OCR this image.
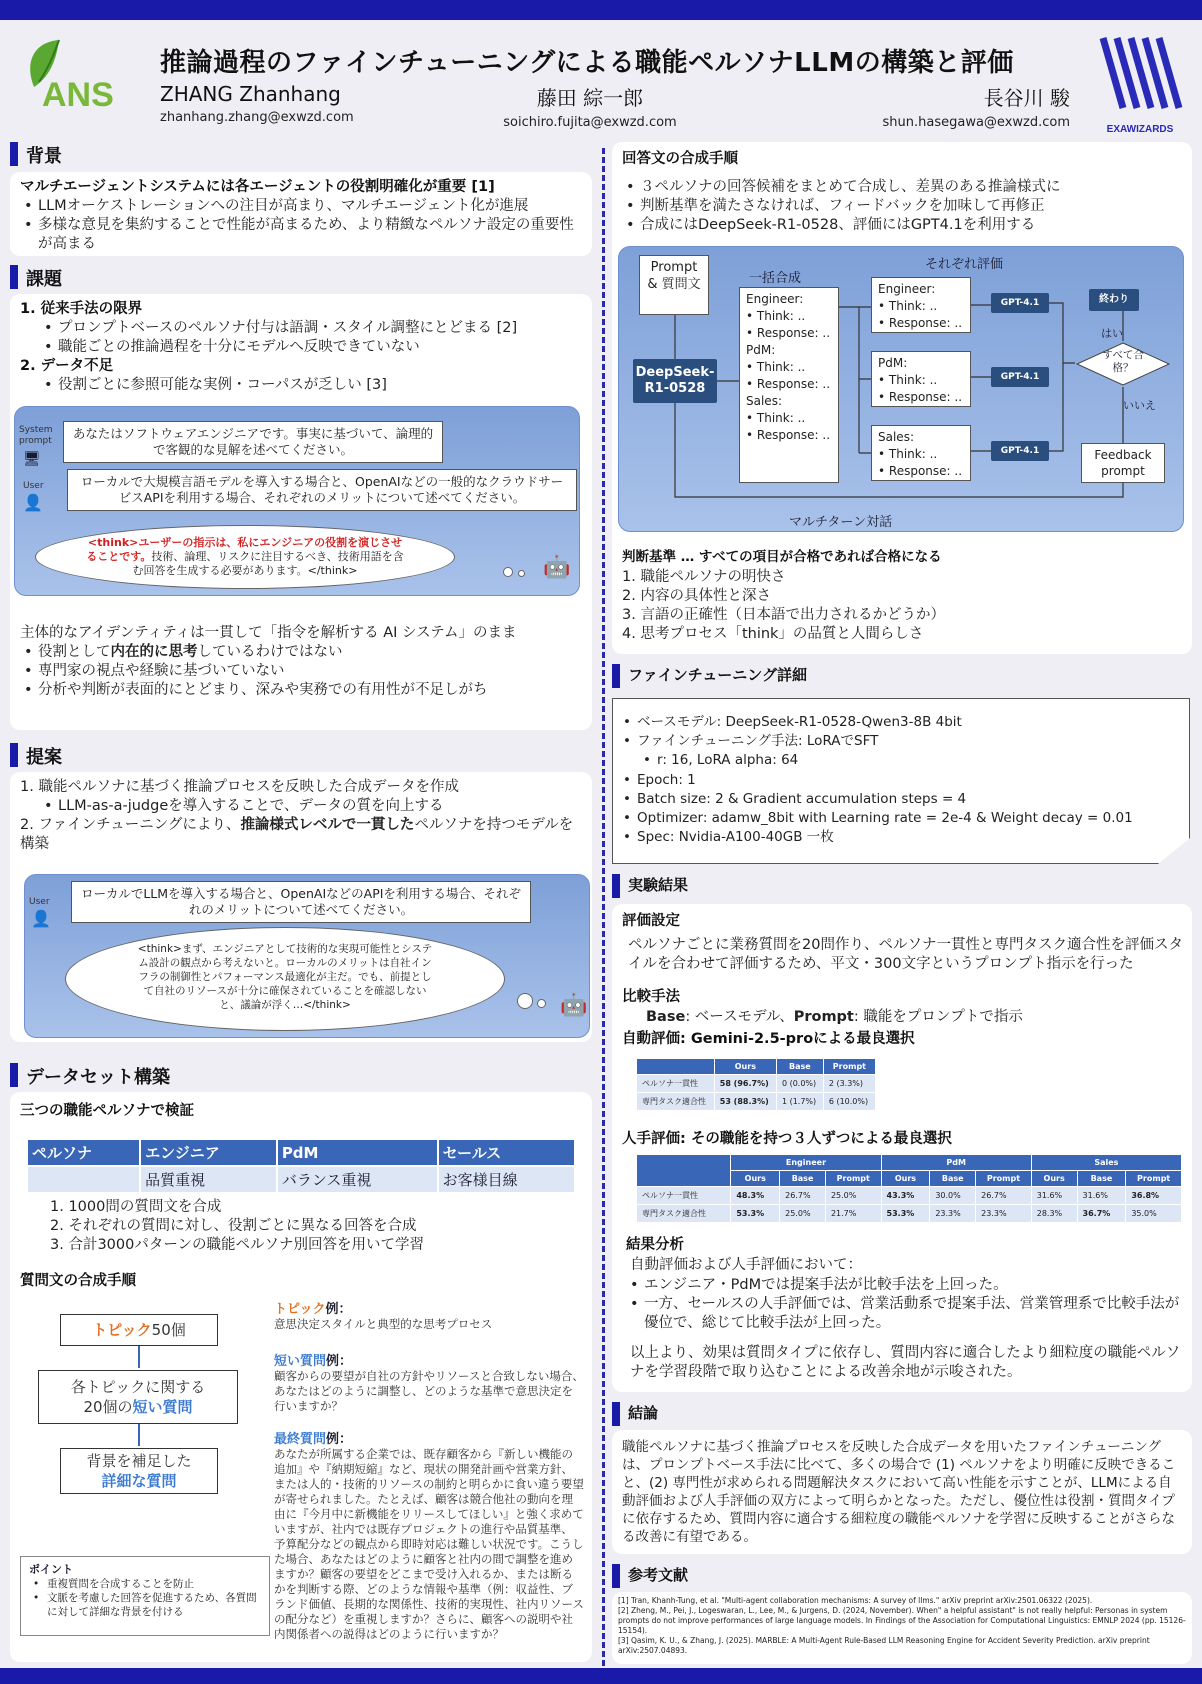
ANS
推論過程のファインチューニングによる職能ペルソナLLMの構築と評価
ZHANG Zhanhang
zhanhang.zhang@exwzd.com
藤田 綜一郎
soichiro.fujita@exwzd.com
長谷川 駿
shun.hasegawa@exwzd.com	EXAWIZARDS
背景
マルチエージェントシステムには各エージェントの役割明確化が重要 [1]
• LLMオーケストレーションへの注目が高まり、マルチエージェント化が進展
• 多様な意見を集約することで性能が高まるため、より精緻なペルソナ設定の重要性が高まる
課題
1. 従来手法の限界
• プロンプトベースのペルソナ付与は語調・スタイル調整にとどまる [2]
• 職能ごとの推論過程を十分にモデルへ反映できていない
2. データ不足
• 役割ごとに参照可能な実例・コーパスが乏しい [3]
System prompt
🖥
あなたはソフトウェアエンジニアです。事実に基づいて、論理的で客観的な見解を述べてください。
User
👤
ローカルで大規模言語モデルを導入する場合と、OpenAIなどの一般的なクラウドサービスAPIを利用する場合、それぞれのメリットについて述べてください。
<think>ユーザーの指示は、私にエンジニアの役割を演じさせることです。技術、論理、リスクに注目するべき、技術用語を含む回答を生成する必要があります。</think>	🤖
主体的なアイデンティティは一貫して「指令を解析する AI システム」のまま
• 役割として内在的に思考しているわけではない
• 専門家の視点や経験に基づいていない
• 分析や判断が表面的にとどまり、深みや実務での有用性が不足しがち
提案
1. 職能ペルソナに基づく推論プロセスを反映した合成データを作成
• LLM-as-a-judgeを導入することで、データの質を向上する
2. ファインチューニングにより、推論様式レベルで一貫したペルソナを持つモデルを構築
User
👤
ローカルでLLMを導入する場合と、OpenAIなどのAPIを利用する場合、それぞれのメリットについて述べてください。
<think>まず、エンジニアとして技術的な実現可能性とシステム設計の観点から考えないと。ローカルのメリットは自社インフラの制御性とパフォーマンス最適化が主だ。でも、前提として自社のリソースが十分に確保されていることを確認しないと、議論が浮く…</think>	🤖
データセット構築
三つの職能ペルソナで検証
ペルソナ	エンジニア	PdM	セールス
	品質重視	バランス重視	お客様目線
1. 1000問の質問文を合成
2. それぞれの質問に対し、役割ごとに異なる回答を合成
3. 合計3000パターンの職能ペルソナ別回答を用いて学習
質問文の合成手順
トピック50個
各トピックに関する
20個の短い質問
背景を補足した
詳細な質問
ポイント
• 重複質問を合成することを防止
• 文脈を考慮した回答を促進するため、各質問に対して詳細な背景を付ける
トピック例：
意思決定スタイルと典型的な思考プロセス
短い質問例：
顧客からの要望が自社の方針やリソースと合致しない場合、あなたはどのように調整し、どのような基準で意思決定を行いますか？
最終質問例：
あなたが所属する企業では、既存顧客から『新しい機能の追加』や『納期短縮』など、現状の開発計画や営業方針、または人的・技術的リソースの制約と明らかに食い違う要望が寄せられました。たとえば、顧客は競合他社の動向を理由に『今月中に新機能をリリースしてほしい』と強く求めていますが、社内では既存プロジェクトの進行や品質基準、予算配分などの観点から即時対応は難しい状況です。こうした場合、あなたはどのように顧客と社内の間で調整を進めますか？顧客の要望をどこまで受け入れるか、または断るかを判断する際、どのような情報や基準（例：収益性、ブランド価値、長期的な関係性、技術的実現性、社内リソースの配分など）を重視しますか？さらに、顧客への説明や社内関係者への説得はどのように行いますか？
回答文の合成手順
• ３ペルソナの回答候補をまとめて合成し、差異のある推論様式に
• 判断基準を満たさなければ、フィードバックを加味して再修正
• 合成にはDeepSeek-R1-0528、評価にはGPT4.1を利用する
Prompt & 質問文
DeepSeek-R1-0528
一括合成
Engineer:
• Think: ..
• Response: ..
PdM:
• Think: ..
• Response: ..
Sales:
• Think: ..
• Response: ..
それぞれ評価
Engineer:
• Think: ..
• Response: ..
PdM:
• Think: ..
• Response: ..
Sales:
• Think: ..
• Response: ..
GPT-4.1
GPT-4.1
GPT-4.1
終わり
はい
すべて合格？
いいえ
Feedback prompt
マルチターン対話
判断基準 … すべての項目が合格であれば合格になる
1. 職能ペルソナの明快さ
2. 内容の具体性と深さ
3. 言語の正確性（日本語で出力されるかどうか）
4. 思考プロセス「think」の品質と人間らしさ
ファインチューニング詳細
• ベースモデル: DeepSeek-R1-0528-Qwen3-8B 4bit
• ファインチューニング手法: LoRAでSFT
• r: 16, LoRA alpha: 64
• Epoch: 1
• Batch size: 2 & Gradient accumulation steps = 4
• Optimizer: adamw_8bit with Learning rate = 2e-4 & Weight decay = 0.01
• Spec: Nvidia-A100-40GB 一枚
実験結果
評価設定
ペルソナごとに業務質問を20問作り、ペルソナ一貫性と専門タスク適合性を評価スタイルを合わせて評価するため、平文・300文字というプロンプト指示を行った
比較手法
Base: ベースモデル、Prompt: 職能をプロンプトで指示
自動評価: Gemini-2.5-proによる最良選択
	Ours	Base	Prompt
ペルソナ一貫性	58 (96.7%)	0 (0.0%)	2 (3.3%)
専門タスク適合性	53 (88.3%)	1 (1.7%)	6 (10.0%)
人手評価: その職能を持つ３人ずつによる最良選択
	Engineer			PdM			Sales		
	Ours	Base	Prompt	Ours	Base	Prompt	Ours	Base	Prompt
ペルソナ一貫性	48.3%	26.7%	25.0%	43.3%	30.0%	26.7%	31.6%	31.6%	36.8%
専門タスク適合性	53.3%	25.0%	21.7%	53.3%	23.3%	23.3%	28.3%	36.7%	35.0%
結果分析
自動評価および人手評価において：
• エンジニア・PdMでは提案手法が比較手法を上回った。
• 一方、セールスの人手評価では、営業活動系で提案手法、営業管理系で比較手法が優位で、総じて比較手法が上回った。
以上より、効果は質問タイプに依存し、質問内容に適合したより細粒度の職能ペルソナを学習段階で取り込むことによる改善余地が示唆された。
結論
職能ペルソナに基づく推論プロセスを反映した合成データを用いたファインチューニングは、プロンプトベース手法に比べて、多くの場合で (1) ペルソナをより明確に反映できること、(2) 専門性が求められる問題解決タスクにおいて高い性能を示すことが、LLMによる自動評価および人手評価の双方によって明らかとなった。ただし、優位性は役割・質問タイプに依存するため、質問内容に適合する細粒度の職能ペルソナを学習に反映することがさらなる改善に有望である。
参考文献
[1] Tran, Khanh-Tung, et al. "Multi-agent collaboration mechanisms: A survey of llms." arXiv preprint arXiv:2501.06322 (2025).
[2] Zheng, M., Pei, J., Logeswaran, L., Lee, M., & Jurgens, D. (2024, November). When" a helpful assistant" is not really helpful: Personas in system prompts do not improve performances of large language models. In Findings of the Association for Computational Linguistics: EMNLP 2024 (pp. 15126-15154).
[3] Qasim, K. U., & Zhang, J. (2025). MARBLE: A Multi-Agent Rule-Based LLM Reasoning Engine for Accident Severity Prediction. arXiv preprint arXiv:2507.04893.
